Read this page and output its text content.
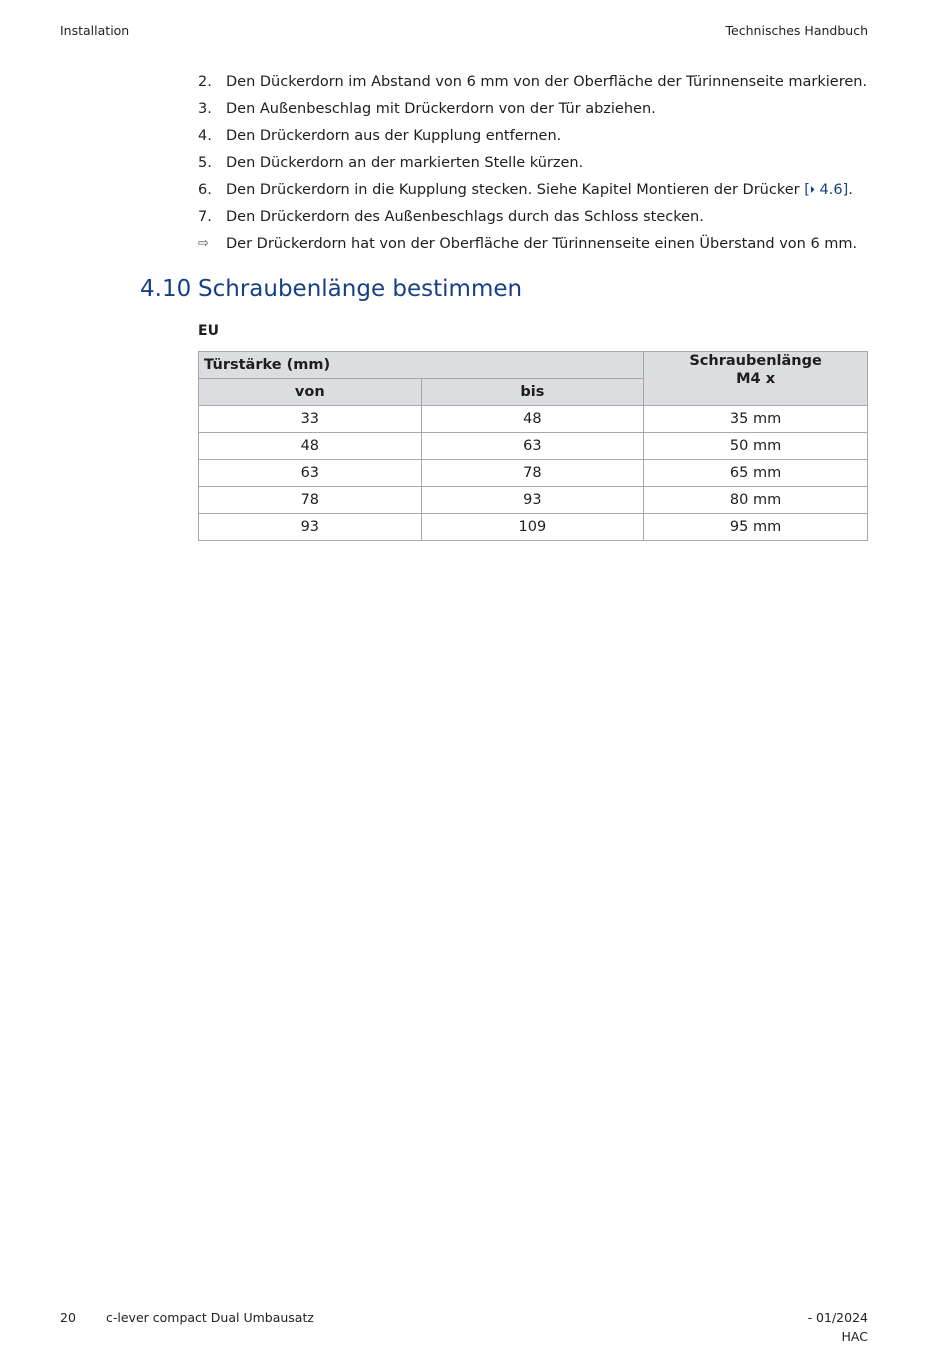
Installation	Technisches Handbuch
2. Den Dückerdorn im Abstand von 6 mm von der Oberfläche der Türinnenseite markieren.
3. Den Außenbeschlag mit Drückerdorn von der Tür abziehen.
4. Den Drückerdorn aus der Kupplung entfernen.
5. Den Dückerdorn an der markierten Stelle kürzen.
6. Den Drückerdorn in die Kupplung stecken. Siehe Kapitel Montieren der Drücker [⏵ 4.6].
7. Den Drückerdorn des Außenbeschlags durch das Schloss stecken.
⇨ Der Drückerdorn hat von der Oberfläche der Türinnenseite einen Überstand von 6 mm.
4.10 Schraubenlänge bestimmen
EU
Türstärke (mm)		Schraubenlänge
M4 x
von	bis	
33	48	35 mm
48	63	50 mm
63	78	65 mm
78	93	80 mm
93	109	95 mm
20 c-lever compact Dual Umbausatz	- 01/2024
HAC
